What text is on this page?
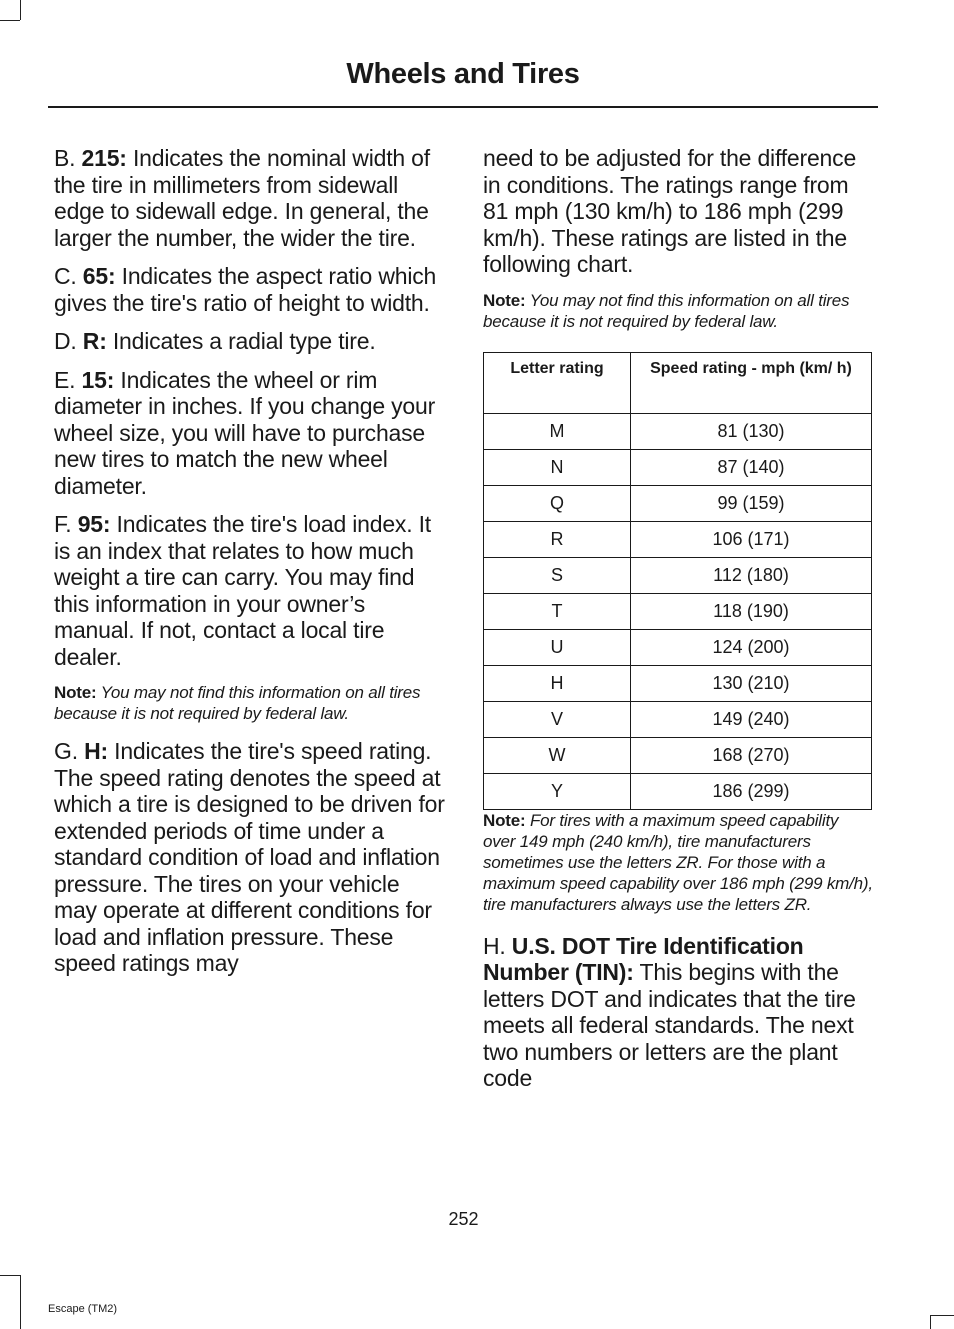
Wheels and Tires

B. 215: Indicates the nominal width of the tire in millimeters from sidewall edge to sidewall edge. In general, the larger the number, the wider the tire.

C. 65: Indicates the aspect ratio which gives the tire's ratio of height to width.

D. R: Indicates a radial type tire.

E. 15: Indicates the wheel or rim diameter in inches. If you change your wheel size, you will have to purchase new tires to match the new wheel diameter.

F. 95: Indicates the tire's load index. It is an index that relates to how much weight a tire can carry. You may find this information in your owner’s manual. If not, contact a local tire dealer.

Note: You may not find this information on all tires because it is not required by federal law.

G. H: Indicates the tire's speed rating. The speed rating denotes the speed at which a tire is designed to be driven for extended periods of time under a standard condition of load and inflation pressure. The tires on your vehicle may operate at different conditions for load and inflation pressure. These speed ratings may

need to be adjusted for the difference in conditions. The ratings range from 81 mph (130 km/h) to 186 mph (299 km/h). These ratings are listed in the following chart.

Note: You may not find this information on all tires because it is not required by federal law.

Letter rating	Speed rating - mph (km/ h)
M	81 (130)
N	87 (140)
Q	99 (159)
R	106 (171)
S	112 (180)
T	118 (190)
U	124 (200)
H	130 (210)
V	149 (240)
W	168 (270)
Y	186 (299)

Note: For tires with a maximum speed capability over 149 mph (240 km/h), tire manufacturers sometimes use the letters ZR. For those with a maximum speed capability over 186 mph (299 km/h), tire manufacturers always use the letters ZR.

H. U.S. DOT Tire Identification Number (TIN): This begins with the letters DOT and indicates that the tire meets all federal standards. The next two numbers or letters are the plant code

252
Escape (TM2)
